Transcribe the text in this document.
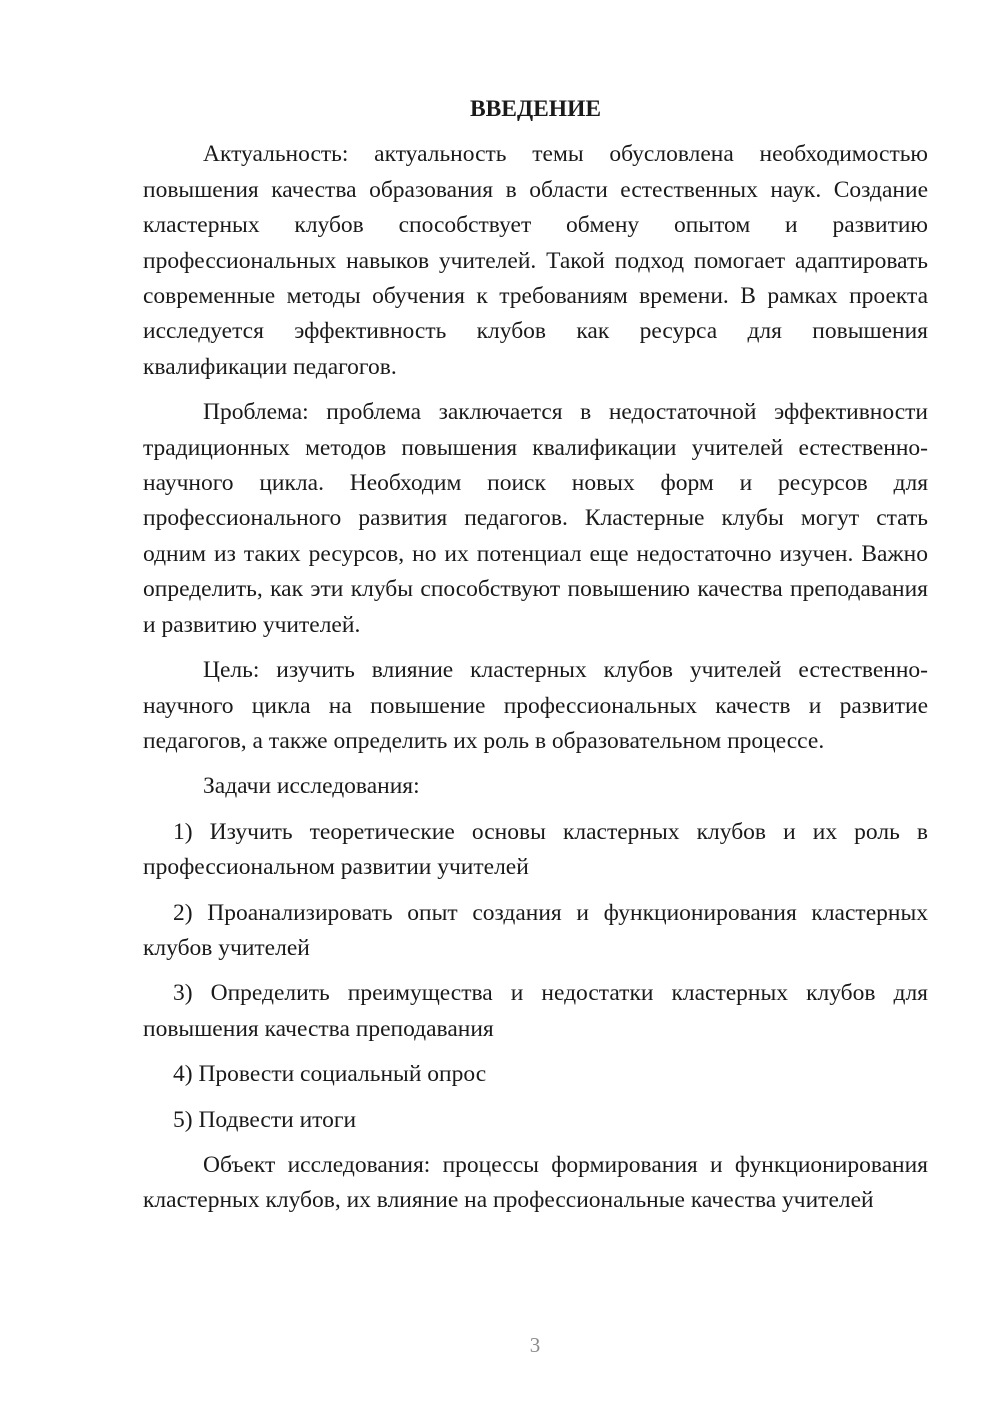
ВВЕДЕНИЕ

Актуальность: актуальность темы обусловлена необходимостью повышения качества образования в области естественных наук. Создание кластерных клубов способствует обмену опытом и развитию профессиональных навыков учителей. Такой подход помогает адаптировать современные методы обучения к требованиям времени. В рамках проекта исследуется эффективность клубов как ресурса для повышения квалификации педагогов.

Проблема: проблема заключается в недостаточной эффективности традиционных методов повышения квалификации учителей естественно-научного цикла. Необходим поиск новых форм и ресурсов для профессионального развития педагогов. Кластерные клубы могут стать одним из таких ресурсов, но их потенциал еще недостаточно изучен. Важно определить, как эти клубы способствуют повышению качества преподавания и развитию учителей.

Цель: изучить влияние кластерных клубов учителей естественно-научного цикла на повышение профессиональных качеств и развитие педагогов, а также определить их роль в образовательном процессе.

Задачи исследования:

1) Изучить теоретические основы кластерных клубов и их роль в профессиональном развитии учителей

2) Проанализировать опыт создания и функционирования кластерных клубов учителей

3) Определить преимущества и недостатки кластерных клубов для повышения качества преподавания

4) Провести социальный опрос

5) Подвести итоги

Объект исследования: процессы формирования и функционирования кластерных клубов, их влияние на профессиональные качества учителей

3
